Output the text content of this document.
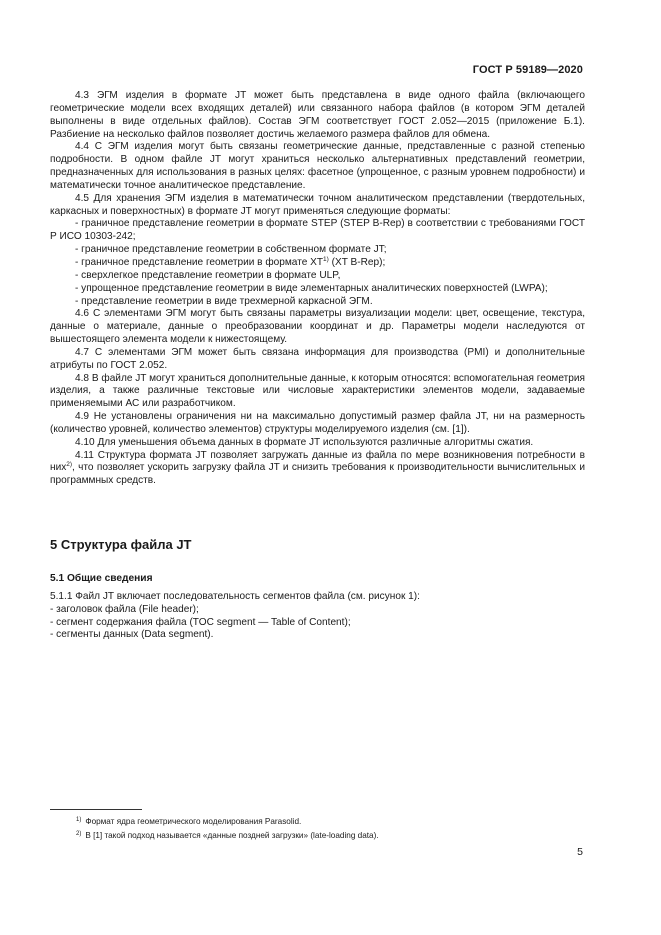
ГОСТ Р 59189—2020

4.3 ЭГМ изделия в формате JT может быть представлена в виде одного файла (включающего геометрические модели всех входящих деталей) или связанного набора файлов (в котором ЭГМ деталей выполнены в виде отдельных файлов). Состав ЭГМ соответствует ГОСТ 2.052—2015 (приложение Б.1). Разбиение на несколько файлов позволяет достичь желаемого размера файлов для обмена.

4.4 С ЭГМ изделия могут быть связаны геометрические данные, представленные с разной степенью подробности. В одном файле JT могут храниться несколько альтернативных представлений геометрии, предназначенных для использования в разных целях: фасетное (упрощенное, с разным уровнем подробности) и математически точное аналитическое представление.

4.5 Для хранения ЭГМ изделия в математически точном аналитическом представлении (твердотельных, каркасных и поверхностных) в формате JT могут применяться следующие форматы:

- граничное представление геометрии в формате STEP (STEP B-Rep) в соответствии с требованиями ГОСТ Р ИСО 10303-242;

- граничное представление геометрии в собственном формате JT;

- граничное представление геометрии в формате XT$^{1)}$ (XT B-Rep);

- сверхлегкое представление геометрии в формате ULP,

- упрощенное представление геометрии в виде элементарных аналитических поверхностей (LWPA);

- представление геометрии в виде трехмерной каркасной ЭГМ.

4.6 С элементами ЭГМ могут быть связаны параметры визуализации модели: цвет, освещение, текстура, данные о материале, данные о преобразовании координат и др. Параметры модели наследуются от вышестоящего элемента модели к нижестоящему.

4.7 С элементами ЭГМ может быть связана информация для производства (PMI) и дополнительные атрибуты по ГОСТ 2.052.

4.8 В файле JT могут храниться дополнительные данные, к которым относятся: вспомогательная геометрия изделия, а также различные текстовые или числовые характеристики элементов модели, задаваемые применяемыми АС или разработчиком.

4.9 Не установлены ограничения ни на максимально допустимый размер файла JT, ни на размерность (количество уровней, количество элементов) структуры моделируемого изделия (см. [1]).

4.10 Для уменьшения объема данных в формате JT используются различные алгоритмы сжатия.

4.11 Структура формата JT позволяет загружать данные из файла по мере возникновения потребности в них$^{2)}$, что позволяет ускорить загрузку файла JT и снизить требования к производительности вычислительных и программных средств.

5 Структура файла JT
5.1 Общие сведения

5.1.1 Файл JT включает последовательность сегментов файла (см. рисунок 1):

- заголовок файла (File header);

- сегмент содержания файла (TOC segment — Table of Content);

- сегменты данных (Data segment).

$^{1)}$ Формат ядра геометрического моделирования Parasolid.
$^{2)}$ В [1] такой подход называется «данные поздней загрузки» (late-loading data).
5
